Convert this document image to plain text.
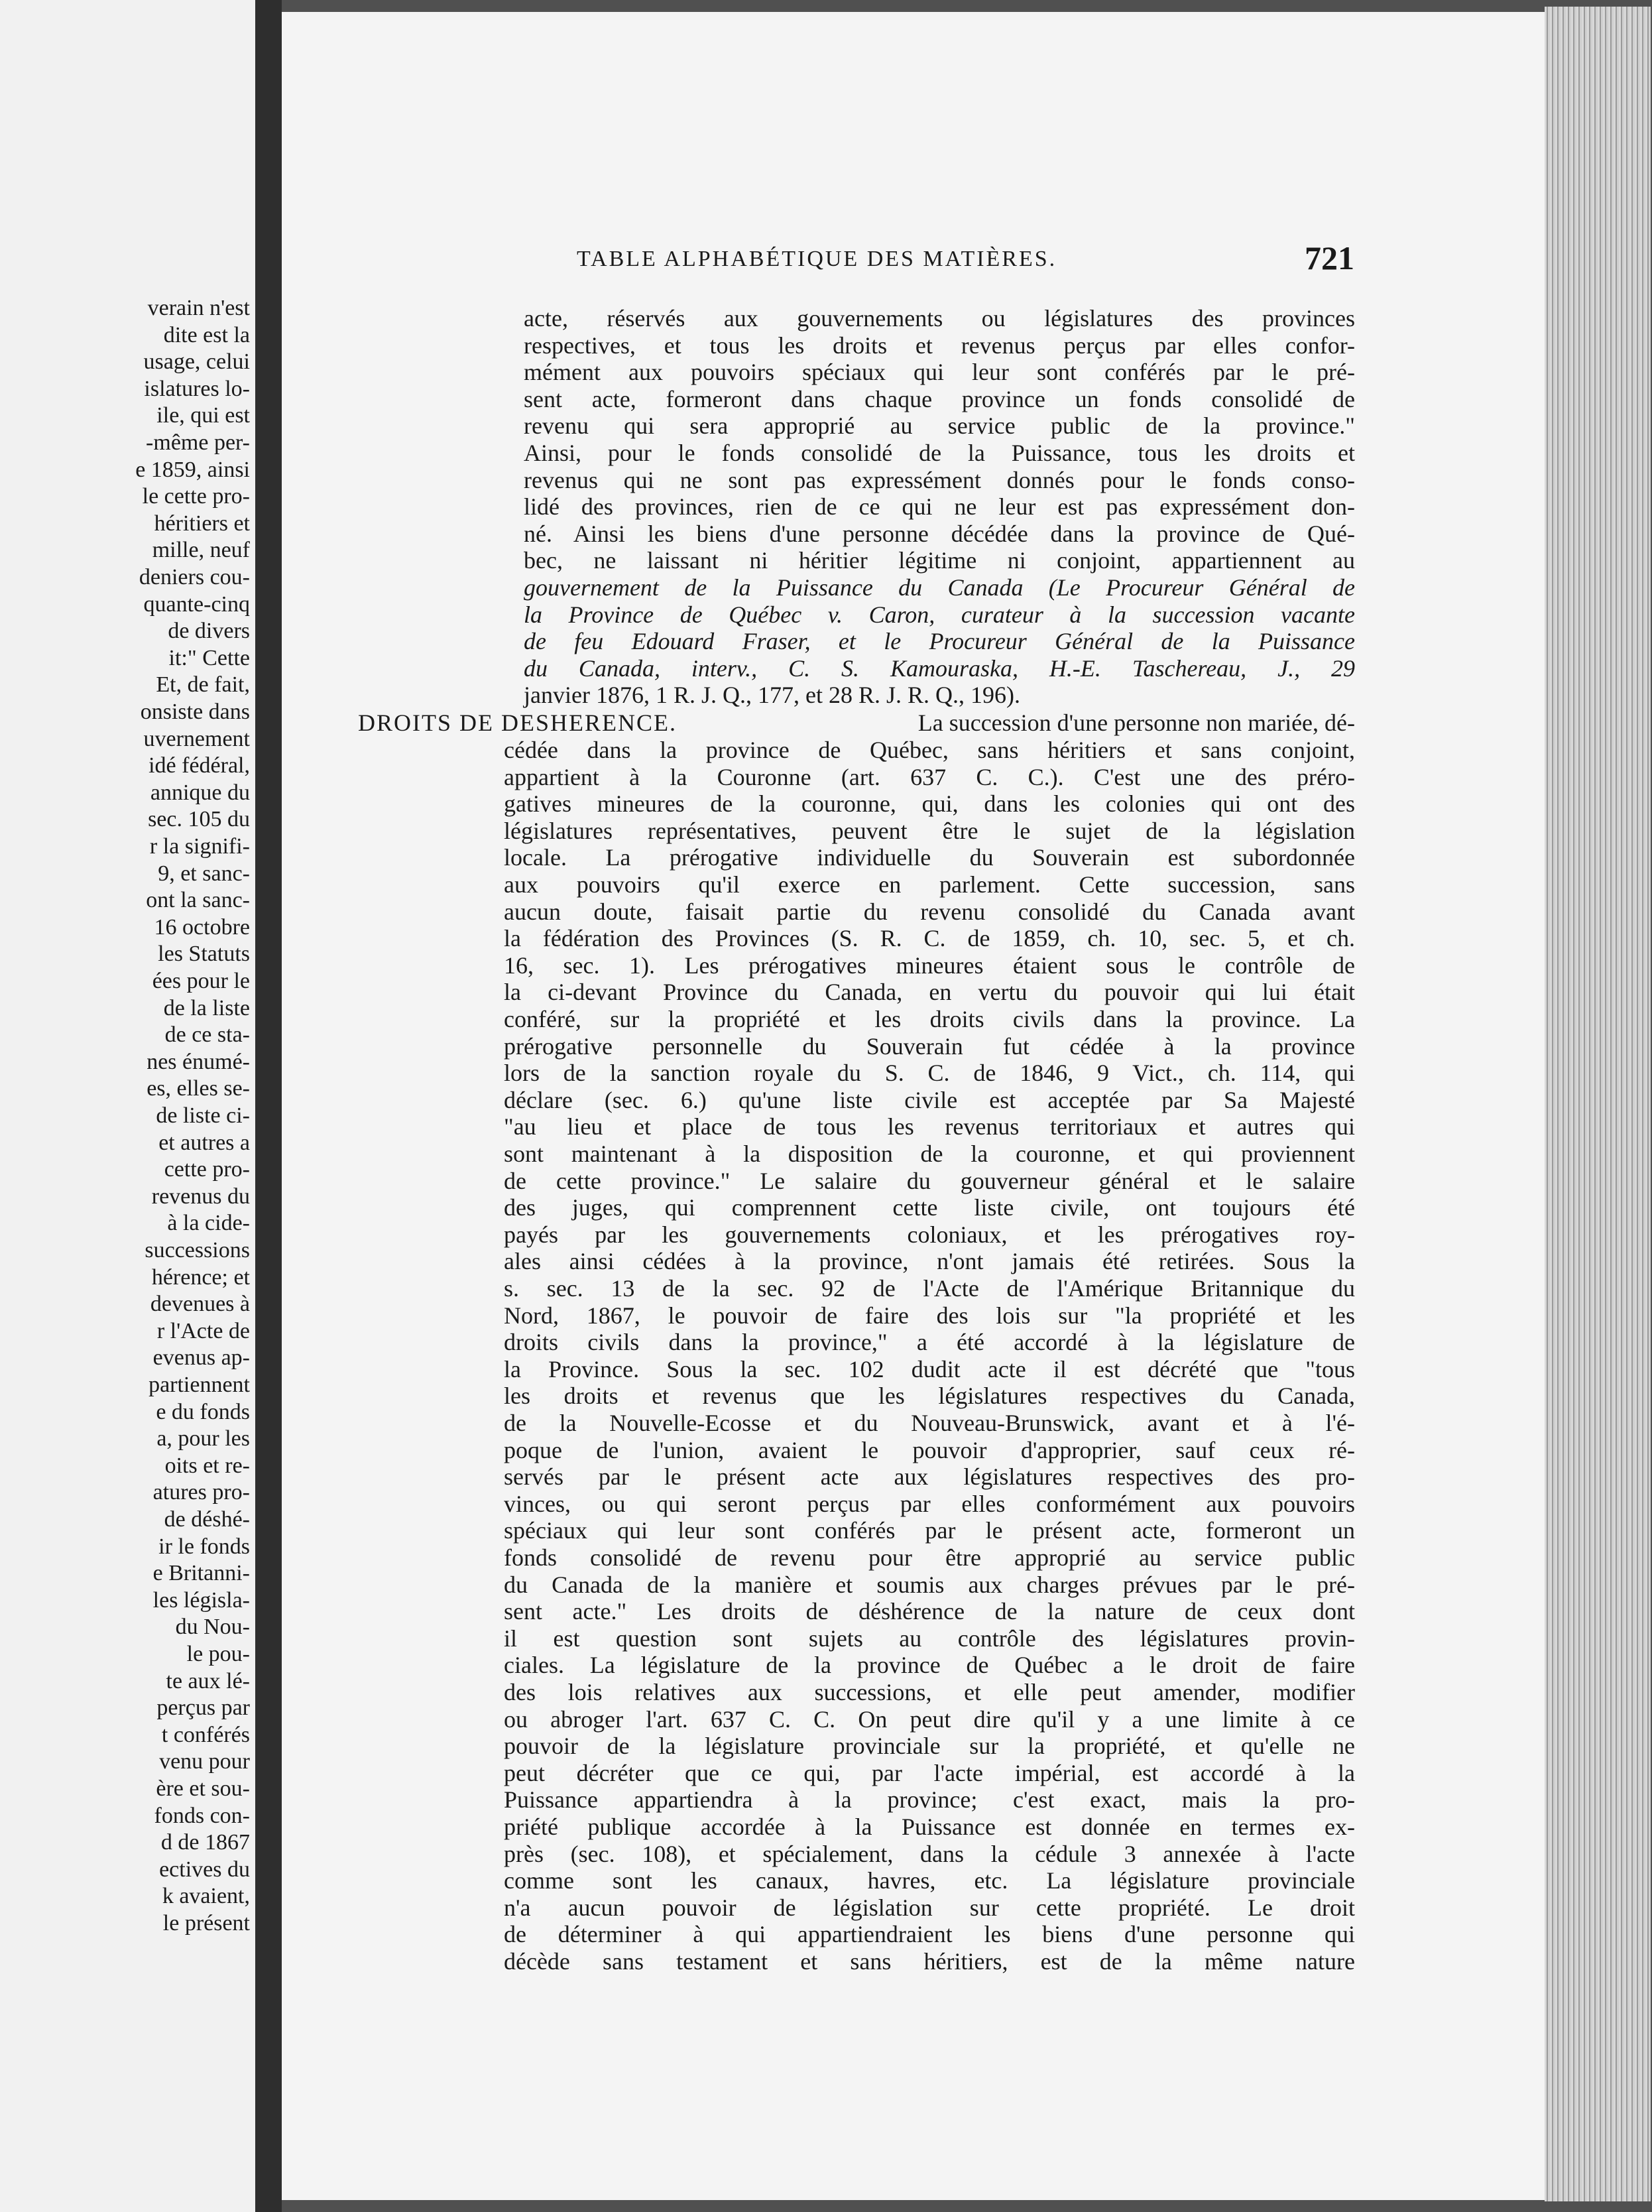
verain n'est
dite est la
usage, celui
islatures lo-
ile, qui est
-même per-
e 1859, ainsi
le cette pro-
héritiers et
mille, neuf
deniers cou-
quante-cinq
de divers
it:" Cette
Et, de fait,
onsiste dans
uvernement
idé fédéral,
annique du
sec. 105 du
r la signifi-
9, et sanc-
ont la sanc-
16 octobre
les Statuts
ées pour le
de la liste
de ce sta-
nes énumé-
es, elles se-
de liste ci-
et autres a
cette pro-
revenus du
à la cide-
successions
hérence; et
devenues à
r l'Acte de
evenus ap-
partiennent
e du fonds
a, pour les
oits et re-
atures pro-
de déshé-
ir le fonds
e Britanni-
les législa-
du Nou-
le pou-
te aux lé-
perçus par
t conférés
venu pour
ère et sou-
fonds con-
d de 1867
ectives du
k avaient,
le présent
TABLE ALPHABÉTIQUE DES MATIÈRES.	721
DROITS DE DESHERENCE.	La succession d'une personne non mariée, dé-
acte, réservés aux gouvernements ou législatures des provinces
respectives, et tous les droits et revenus perçus par elles confor-
mément aux pouvoirs spéciaux qui leur sont conférés par le pré-
sent acte, formeront dans chaque province un fonds consolidé de
revenu qui sera approprié au service public de la province."
Ainsi, pour le fonds consolidé de la Puissance, tous les droits et
revenus qui ne sont pas expressément donnés pour le fonds conso-
lidé des provinces, rien de ce qui ne leur est pas expressément don-
né. Ainsi les biens d'une personne décédée dans la province de Qué-
bec, ne laissant ni héritier légitime ni conjoint, appartiennent au
gouvernement de la Puissance du Canada (Le Procureur Général de
la Province de Québec v. Caron, curateur à la succession vacante
de feu Edouard Fraser, et le Procureur Général de la Puissance
du Canada, interv., C. S. Kamouraska, H.-E. Taschereau, J., 29
janvier 1876, 1 R. J. Q., 177, et 28 R. J. R. Q., 196).
cédée dans la province de Québec, sans héritiers et sans conjoint,
appartient à la Couronne (art. 637 C. C.). C'est une des préro-
gatives mineures de la couronne, qui, dans les colonies qui ont des
législatures représentatives, peuvent être le sujet de la législation
locale. La prérogative individuelle du Souverain est subordonnée
aux pouvoirs qu'il exerce en parlement. Cette succession, sans
aucun doute, faisait partie du revenu consolidé du Canada avant
la fédération des Provinces (S. R. C. de 1859, ch. 10, sec. 5, et ch.
16, sec. 1). Les prérogatives mineures étaient sous le contrôle de
la ci-devant Province du Canada, en vertu du pouvoir qui lui était
conféré, sur la propriété et les droits civils dans la province. La
prérogative personnelle du Souverain fut cédée à la province
lors de la sanction royale du S. C. de 1846, 9 Vict., ch. 114, qui
déclare (sec. 6.) qu'une liste civile est acceptée par Sa Majesté
"au lieu et place de tous les revenus territoriaux et autres qui
sont maintenant à la disposition de la couronne, et qui proviennent
de cette province." Le salaire du gouverneur général et le salaire
des juges, qui comprennent cette liste civile, ont toujours été
payés par les gouvernements coloniaux, et les prérogatives roy-
ales ainsi cédées à la province, n'ont jamais été retirées. Sous la
s. sec. 13 de la sec. 92 de l'Acte de l'Amérique Britannique du
Nord, 1867, le pouvoir de faire des lois sur "la propriété et les
droits civils dans la province," a été accordé à la législature de
la Province. Sous la sec. 102 dudit acte il est décrété que "tous
les droits et revenus que les législatures respectives du Canada,
de la Nouvelle-Ecosse et du Nouveau-Brunswick, avant et à l'é-
poque de l'union, avaient le pouvoir d'approprier, sauf ceux ré-
servés par le présent acte aux législatures respectives des pro-
vinces, ou qui seront perçus par elles conformément aux pouvoirs
spéciaux qui leur sont conférés par le présent acte, formeront un
fonds consolidé de revenu pour être approprié au service public
du Canada de la manière et soumis aux charges prévues par le pré-
sent acte." Les droits de déshérence de la nature de ceux dont
il est question sont sujets au contrôle des législatures provin-
ciales. La législature de la province de Québec a le droit de faire
des lois relatives aux successions, et elle peut amender, modifier
ou abroger l'art. 637 C. C. On peut dire qu'il y a une limite à ce
pouvoir de la législature provinciale sur la propriété, et qu'elle ne
peut décréter que ce qui, par l'acte impérial, est accordé à la
Puissance appartiendra à la province; c'est exact, mais la pro-
priété publique accordée à la Puissance est donnée en termes ex-
près (sec. 108), et spécialement, dans la cédule 3 annexée à l'acte
comme sont les canaux, havres, etc. La législature provinciale
n'a aucun pouvoir de législation sur cette propriété. Le droit
de déterminer à qui appartiendraient les biens d'une personne qui
décède sans testament et sans héritiers, est de la même nature
